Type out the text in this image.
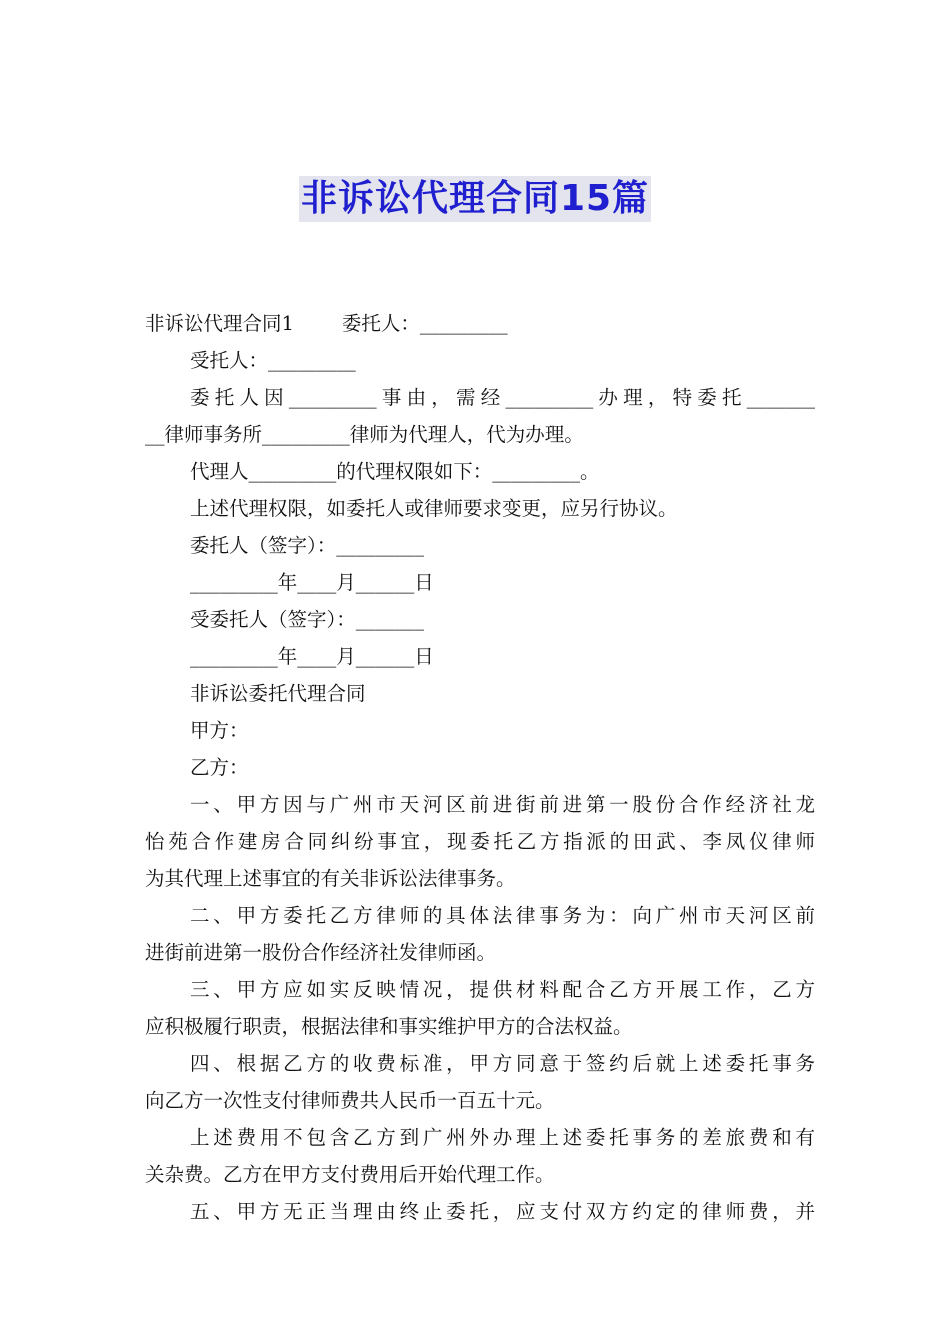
非诉讼代理合同15篇
非诉讼代理合同1 委托人：_________
受托人：_________
委托人因_________事由，需经_________办理，特委托_______
__律师事务所_________律师为代理人，代为办理。
代理人_________的代理权限如下：_________。
上述代理权限，如委托人或律师要求变更，应另行协议。
委托人（签字）：_________
_________年____月______日
受委托人（签字）：_______
_________年____月______日
非诉讼委托代理合同
甲方：
乙方：
一、甲方因与广州市天河区前进街前进第一股份合作经济社龙
怡苑合作建房合同纠纷事宜，现委托乙方指派的田武、李凤仪律师
为其代理上述事宜的有关非诉讼法律事务。
二、甲方委托乙方律师的具体法律事务为：向广州市天河区前
进街前进第一股份合作经济社发律师函。
三、甲方应如实反映情况，提供材料配合乙方开展工作，乙方
应积极履行职责，根据法律和事实维护甲方的合法权益。
四、根据乙方的收费标准，甲方同意于签约后就上述委托事务
向乙方一次性支付律师费共人民币一百五十元。
上述费用不包含乙方到广州外办理上述委托事务的差旅费和有
关杂费。乙方在甲方支付费用后开始代理工作。
五、甲方无正当理由终止委托，应支付双方约定的律师费，并
